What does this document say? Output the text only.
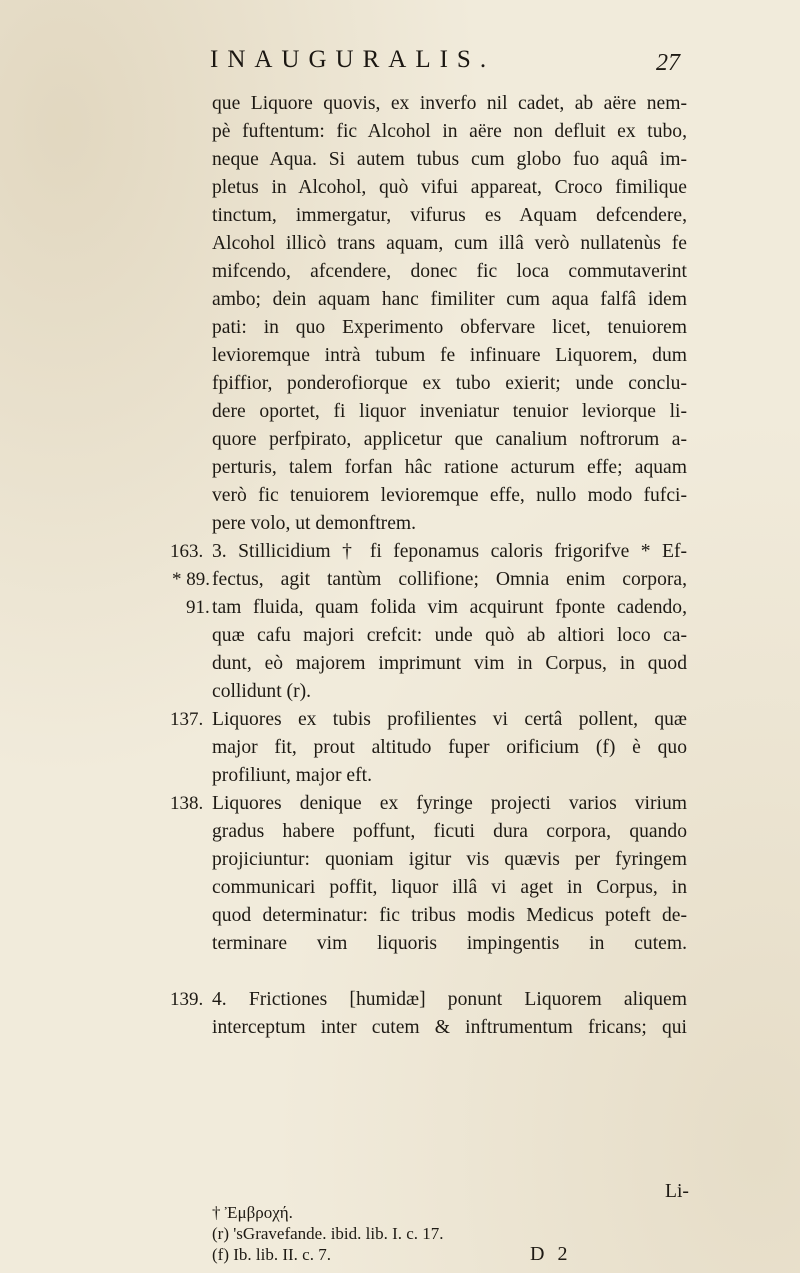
INAUGURALIS.	27
que Liquore quovis, ex inverfo nil cadet, ab aëre nem-
pè fuftentum: fic Alcohol in aëre non defluit ex tubo,
neque Aqua. Si autem tubus cum globo fuo aquâ im-
pletus in Alcohol, quò vifui appareat, Croco fimilique
tinctum, immergatur, vifurus es Aquam defcendere,
Alcohol illicò trans aquam, cum illâ verò nullatenùs fe
mifcendo, afcendere, donec fic loca commutaverint
ambo; dein aquam hanc fimiliter cum aqua falfâ idem
pati: in quo Experimento obfervare licet, tenuiorem
levioremque intrà tubum fe infinuare Liquorem, dum
fpiffior, ponderofiorque ex tubo exierit; unde conclu-
dere oportet, fi liquor inveniatur tenuior leviorque li-
quore perfpirato, applicetur que canalium noftrorum a-
perturis, talem forfan hâc ratione acturum effe; aquam
verò fic tenuiorem levioremque effe, nullo modo fufci-
pere volo, ut demonftrem.
163. 3. Stillicidium † fi feponamus caloris frigorifve * Ef-
* 89. fectus, agit tantùm collifione; Omnia enim corpora,
91. tam fluida, quam folida vim acquirunt fponte cadendo,
quæ cafu majori crefcit: unde quò ab altiori loco ca-
dunt, eò majorem imprimunt vim in Corpus, in quod
collidunt (r).
137. Liquores ex tubis profilientes vi certâ pollent, quæ
major fit, prout altitudo fuper orificium (f) è quo
profiliunt, major eft.
138. Liquores denique ex fyringe projecti varios virium
gradus habere poffunt, ficuti dura corpora, quando
projiciuntur: quoniam igitur vis quævis per fyringem
communicari poffit, liquor illâ vi aget in Corpus, in
quod determinatur: fic tribus modis Medicus poteft de-
terminare vim liquoris impingentis in cutem.
139. 4. Frictiones [humidæ] ponunt Liquorem aliquem
interceptum inter cutem & inftrumentum fricans; qui
Li-
† Ἐμβροχή.
(r) 'sGravefande. ibid. lib. I. c. 17.
(f) Ib. lib. II. c. 7.	D 2
